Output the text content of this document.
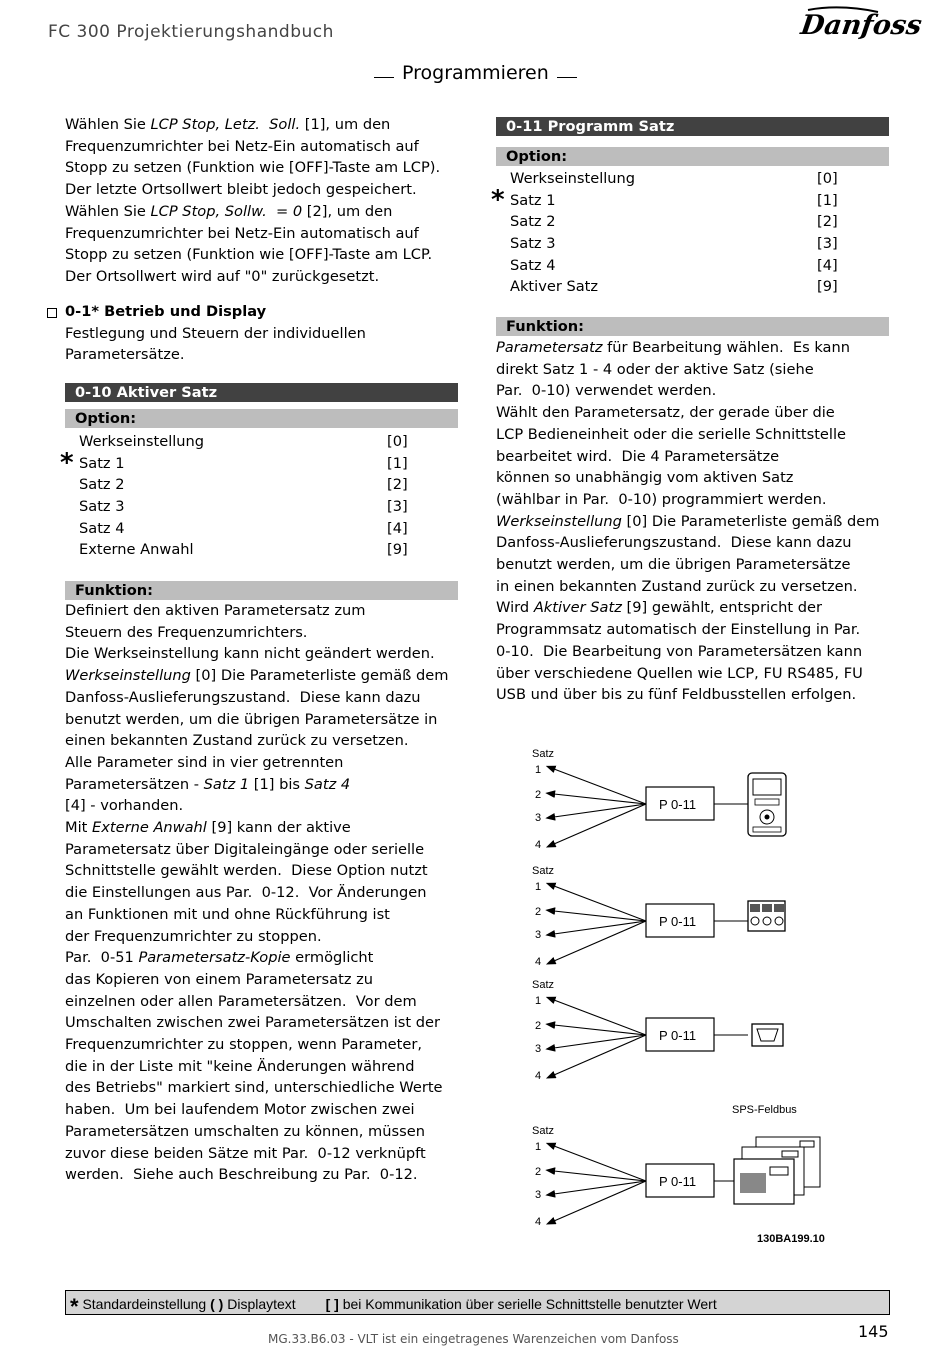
FC 300 Projektierungshandbuch	Danfoss
Programmieren
Wählen Sie LCP Stop, Letz.  Soll. [1], um den
Frequenzumrichter bei Netz-Ein automatisch auf
Stopp zu setzen (Funktion wie [OFF]-Taste am LCP).
Der letzte Ortsollwert bleibt jedoch gespeichert.
Wählen Sie LCP Stop, Sollw.  = 0 [2], um den
Frequenzumrichter bei Netz-Ein automatisch auf
Stopp zu setzen (Funktion wie [OFF]-Taste am LCP.
Der Ortsollwert wird auf "0" zurückgesetzt.
0-1* Betrieb und Display
Festlegung und Steuern der individuellen
Parametersätze.
0-10 Aktiver Satz
Option:
Werkseinstellung	[0]
* Satz 1	[1]
Satz 2	[2]
Satz 3	[3]
Satz 4	[4]
Externe Anwahl	[9]
Funktion:
Definiert den aktiven Parametersatz zum
Steuern des Frequenzumrichters.
Die Werkseinstellung kann nicht geändert werden.
Werkseinstellung [0] Die Parameterliste gemäß dem
Danfoss-Auslieferungszustand.  Diese kann dazu
benutzt werden, um die übrigen Parametersätze in
einen bekannten Zustand zurück zu versetzen.
Alle Parameter sind in vier getrennten
Parametersätzen - Satz 1 [1] bis Satz 4
[4] - vorhanden.
Mit Externe Anwahl [9] kann der aktive
Parametersatz über Digitaleingänge oder serielle
Schnittstelle gewählt werden.  Diese Option nutzt
die Einstellungen aus Par.  0-12.  Vor Änderungen
an Funktionen mit und ohne Rückführung ist
der Frequenzumrichter zu stoppen.
Par.  0-51 Parametersatz-Kopie ermöglicht
das Kopieren von einem Parametersatz zu
einzelnen oder allen Parametersätzen.  Vor dem
Umschalten zwischen zwei Parametersätzen ist der
Frequenzumrichter zu stoppen, wenn Parameter,
die in der Liste mit "keine Änderungen während
des Betriebs" markiert sind, unterschiedliche Werte
haben.  Um bei laufendem Motor zwischen zwei
Parametersätzen umschalten zu können, müssen
zuvor diese beiden Sätze mit Par.  0-12 verknüpft
werden.  Siehe auch Beschreibung zu Par.  0-12.
0-11 Programm Satz
Option:
Werkseinstellung	[0]
* Satz 1	[1]
Satz 2	[2]
Satz 3	[3]
Satz 4	[4]
Aktiver Satz	[9]
Funktion:
Parametersatz für Bearbeitung wählen.  Es kann
direkt Satz 1 - 4 oder der aktive Satz (siehe
Par.  0-10) verwendet werden.
Wählt den Parametersatz, der gerade über die
LCP Bedieneinheit oder die serielle Schnittstelle
bearbeitet wird.  Die 4 Parametersätze
können so unabhängig vom aktiven Satz
(wählbar in Par.  0-10) programmiert werden.
Werkseinstellung [0] Die Parameterliste gemäß dem
Danfoss-Auslieferungszustand.  Diese kann dazu
benutzt werden, um die übrigen Parametersätze
in einen bekannten Zustand zurück zu versetzen.
Wird Aktiver Satz [9] gewählt, entspricht der
Programmsatz automatisch der Einstellung in Par.
0-10.  Die Bearbeitung von Parametersätzen kann
über verschiedene Quellen wie LCP, FU RS485, FU
USB und über bis zu fünf Feldbusstellen erfolgen.
Satz
1
2
3
4
P 0-11
Satz
1
2
3
4
P 0-11
Satz
1
2
3
4
P 0-11
Satz
1
2
3
4
P 0-11
SPS-Feldbus
130BA199.10
* Standardeinstellung ( ) Displaytext [ ] bei Kommunikation über serielle Schnittstelle benutzter Wert
MG.33.B6.03 - VLT ist ein eingetragenes Warenzeichen vom Danfoss	145
